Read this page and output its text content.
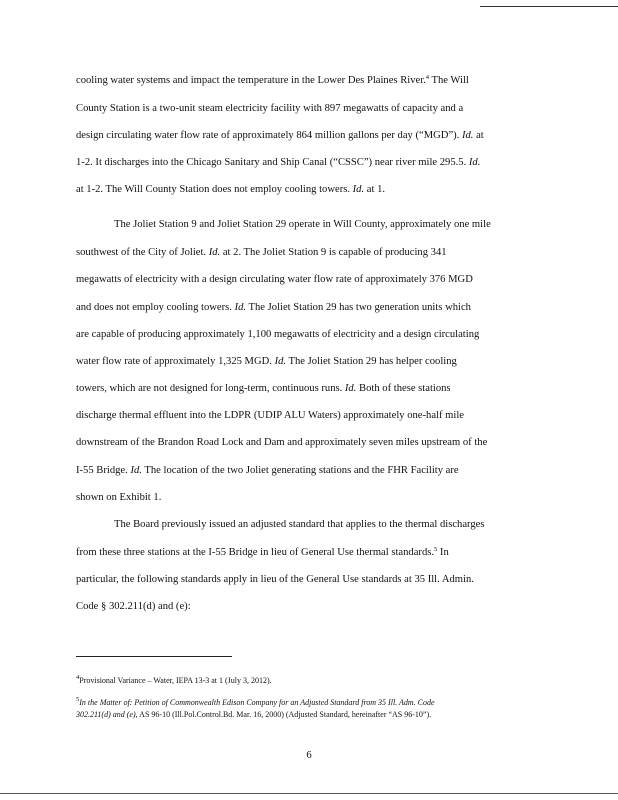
cooling water systems and impact the temperature in the Lower Des Plaines River.$^4$ The Will
County Station is a two-unit steam electricity facility with 897 megawatts of capacity and a
design circulating water flow rate of approximately 864 million gallons per day (“MGD”). Id. at
1-2. It discharges into the Chicago Sanitary and Ship Canal (“CSSC”) near river mile 295.5. Id.
at 1-2. The Will County Station does not employ cooling towers. Id. at 1.
The Joliet Station 9 and Joliet Station 29 operate in Will County, approximately one mile
southwest of the City of Joliet. Id. at 2. The Joliet Station 9 is capable of producing 341
megawatts of electricity with a design circulating water flow rate of approximately 376 MGD
and does not employ cooling towers. Id. The Joliet Station 29 has two generation units which
are capable of producing approximately 1,100 megawatts of electricity and a design circulating
water flow rate of approximately 1,325 MGD. Id. The Joliet Station 29 has helper cooling
towers, which are not designed for long-term, continuous runs. Id. Both of these stations
discharge thermal effluent into the LDPR (UDIP ALU Waters) approximately one-half mile
downstream of the Brandon Road Lock and Dam and approximately seven miles upstream of the
I-55 Bridge. Id. The location of the two Joliet generating stations and the FHR Facility are
shown on Exhibit 1.
The Board previously issued an adjusted standard that applies to the thermal discharges
from these three stations at the I-55 Bridge in lieu of General Use thermal standards.$^5$ In
particular, the following standards apply in lieu of the General Use standards at 35 Ill. Admin.
Code § 302.211(d) and (e):
$^4$Provisional Variance – Water, IEPA 13-3 at 1 (July 3, 2012).
$^5$In the Matter of: Petition of Commonwealth Edison Company for an Adjusted Standard from 35 Ill. Adm. Code
302.211(d) and (e), AS 96-10 (Ill.Pol.Control.Bd. Mar. 16, 2000) (Adjusted Standard, hereinafter “AS 96-10”).
6
